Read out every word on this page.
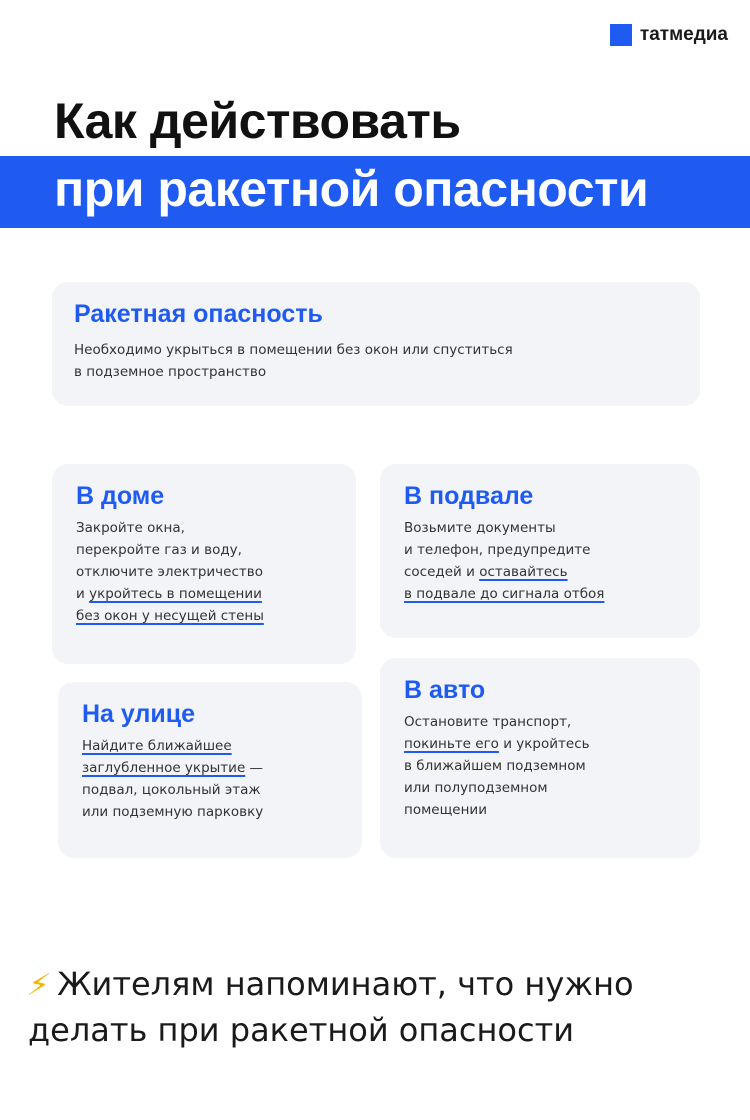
татмедиа
Как действовать
при ракетной опасности
Ракетная опасность
Необходимо укрыться в помещении без окон или спуститься
в подземное пространство
В доме
Закройте окна,
перекройте газ и воду,
отключите электричество
и укройтесь в помещении
без окон у несущей стены
В подвале
Возьмите документы
и телефон, предупредите
соседей и оставайтесь
в подвале до сигнала отбоя
На улице
Найдите ближайшее
заглубленное укрытие —
подвал, цокольный этаж
или подземную парковку
В авто
Остановите транспорт,
покиньте его и укройтесь
в ближайшем подземном
или полуподземном
помещении
⚡ Жителям напоминают, что нужно делать при ракетной опасности
